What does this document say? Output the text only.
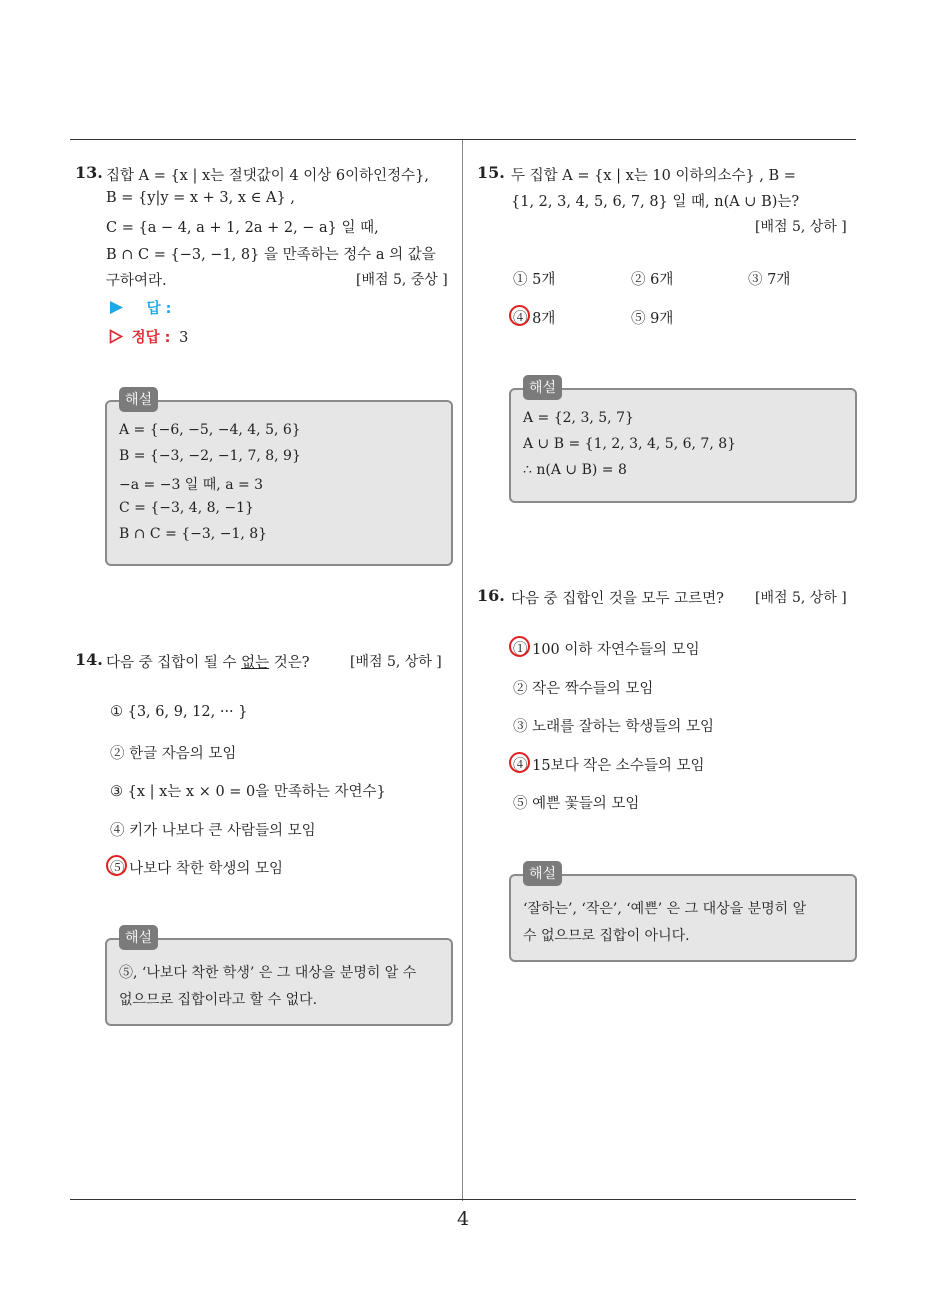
13. 집합 A = {x | x는 절댓값이 4 이상 6이하인정수},
B = {y|y = x + 3, x ∈ A} ,
C = {a − 4, a + 1, 2a + 2, − a} 일 때,
B ∩ C = {−3, −1, 8} 을 만족하는 정수 a 의 값을
구하여라.	[배점 5, 중상 ]
답 :
정답 : 3
A = {−6, −5, −4, 4, 5, 6}
B = {−3, −2, −1, 7, 8, 9}
−a = −3 일 때, a = 3
C = {−3, 4, 8, −1}
B ∩ C = {−3, −1, 8}
해설
14. 다음 중 집합이 될 수 없는 것은?	[배점 5, 상하 ]
① {3, 6, 9, 12, ··· }
② 한글 자음의 모임
③ {x | x는 x × 0 = 0을 만족하는 자연수}
④ 키가 나보다 큰 사람들의 모임
⑤ 나보다 착한 학생의 모임
⑤, ‘나보다 착한 학생’ 은 그 대상을 분명히 알 수
없으므로 집합이라고 할 수 없다.
해설
15. 두 집합 A = {x | x는 10 이하의소수} , B =
{1, 2, 3, 4, 5, 6, 7, 8} 일 때, n(A ∪ B)는?
[배점 5, 상하 ]
① 5개	② 6개	③ 7개
④ 8개	⑤ 9개
A = {2, 3, 5, 7}
A ∪ B = {1, 2, 3, 4, 5, 6, 7, 8}
∴ n(A ∪ B) = 8
해설
16. 다음 중 집합인 것을 모두 고르면? [배점 5, 상하 ]
① 100 이하 자연수들의 모임
② 작은 짝수들의 모임
③ 노래를 잘하는 학생들의 모임
④ 15보다 작은 소수들의 모임
⑤ 예쁜 꽃들의 모임
‘잘하는’, ‘작은’, ‘예쁜’ 은 그 대상을 분명히 알
수 없으므로 집합이 아니다.
해설
4
